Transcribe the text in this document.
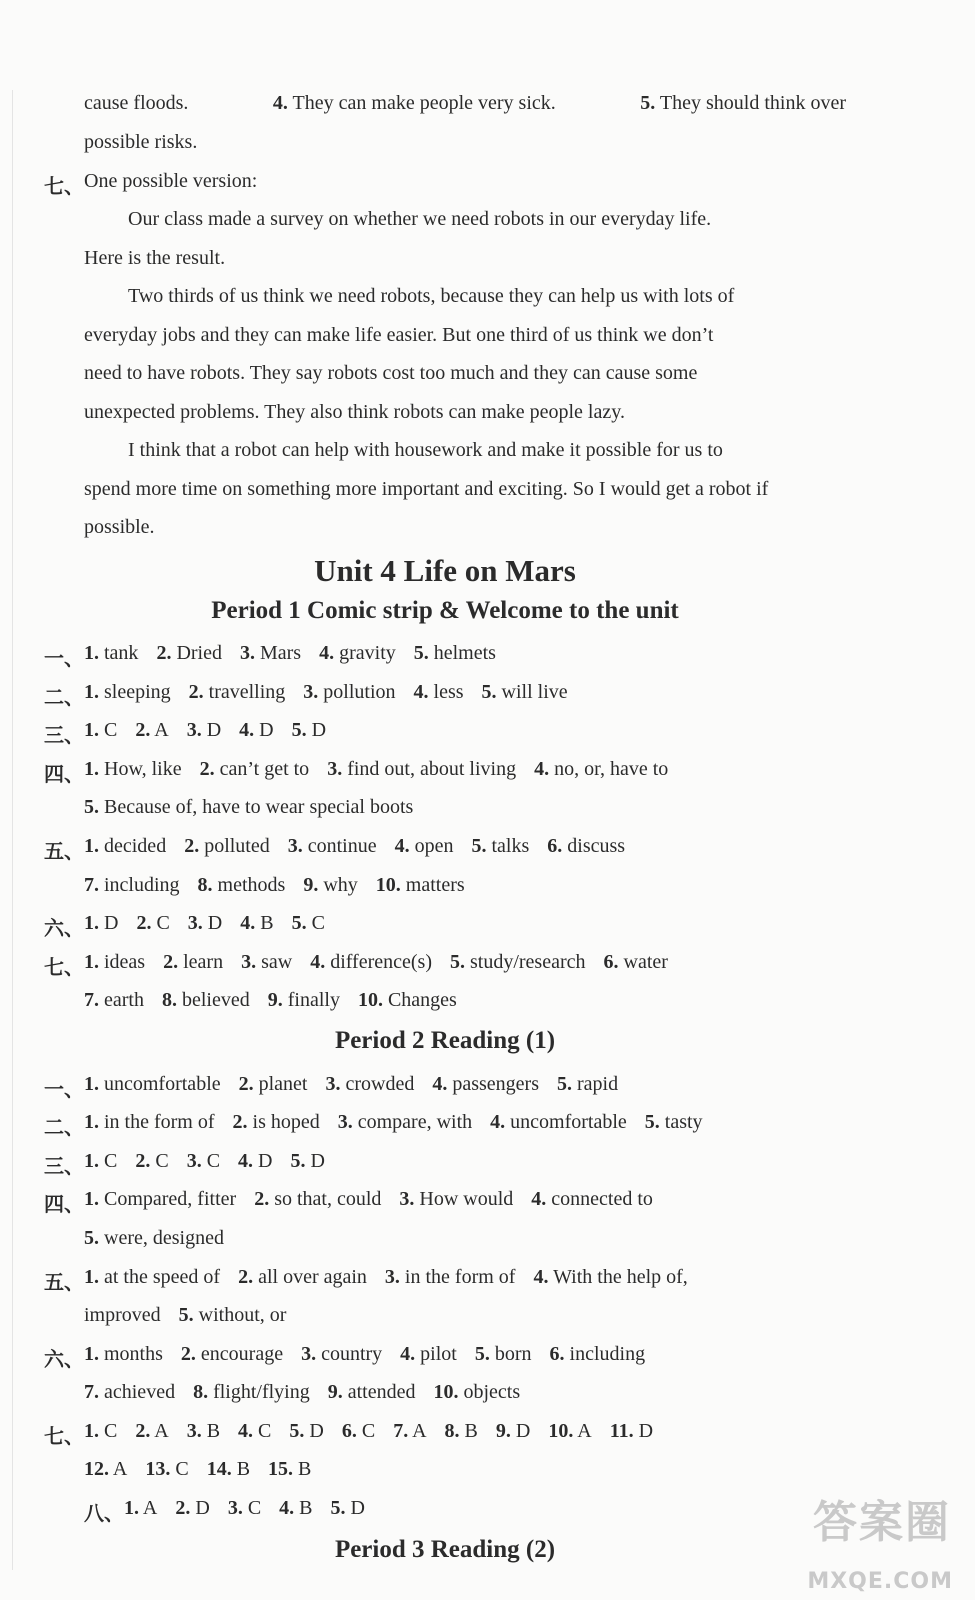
cause floods.	4. They can make people very sick.	5. They should think over
possible risks.
七、 One possible version:
Our class made a survey on whether we need robots in our everyday life.
Here is the result.
Two thirds of us think we need robots, because they can help us with lots of
everyday jobs and they can make life easier. But one third of us think we don’t
need to have robots. They say robots cost too much and they can cause some
unexpected problems. They also think robots can make people lazy.
I think that a robot can help with housework and make it possible for us to
spend more time on something more important and exciting. So I would get a robot if
possible.
Unit 4 Life on Mars
Period 1 Comic strip & Welcome to the unit
一、 1. tank 2. Dried 3. Mars 4. gravity 5. helmets
二、 1. sleeping 2. travelling 3. pollution 4. less 5. will live
三、 1. C 2. A 3. D 4. D 5. D
四、 1. How, like 2. can’t get to 3. find out, about living 4. no, or, have to
5. Because of, have to wear special boots
五、 1. decided 2. polluted 3. continue 4. open 5. talks 6. discuss
7. including 8. methods 9. why 10. matters
六、 1. D 2. C 3. D 4. B 5. C
七、 1. ideas 2. learn 3. saw 4. difference(s) 5. study/research 6. water
7. earth 8. believed 9. finally 10. Changes
Period 2 Reading (1)
一、 1. uncomfortable 2. planet 3. crowded 4. passengers 5. rapid
二、 1. in the form of 2. is hoped 3. compare, with 4. uncomfortable 5. tasty
三、 1. C 2. C 3. C 4. D 5. D
四、 1. Compared, fitter 2. so that, could 3. How would 4. connected to
5. were, designed
五、 1. at the speed of 2. all over again 3. in the form of 4. With the help of,
improved 5. without, or
六、 1. months 2. encourage 3. country 4. pilot 5. born 6. including
7. achieved 8. flight/flying 9. attended 10. objects
七、 1. C 2. A 3. B 4. C 5. D 6. C 7. A 8. B 9. D 10. A 11. D
12. A 13. C 14. B 15. B
八、 1. A 2. D 3. C 4. B 5. D
Period 3 Reading (2)
答案圈
MXQE.COM
